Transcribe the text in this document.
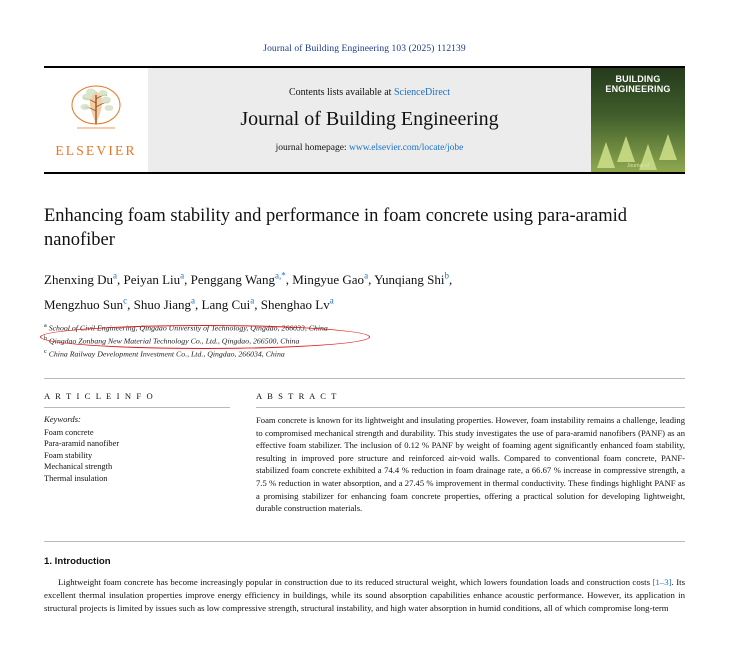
Journal of Building Engineering 103 (2025) 112139
ELSEVIER
Contents lists available at ScienceDirect
Journal of Building Engineering
journal homepage: www.elsevier.com/locate/jobe
BUILDING
ENGINEERING
Journal of
Enhancing foam stability and performance in foam concrete using para-aramid nanofiber
Zhenxing Du$^a$, Peiyan Liu$^a$, Penggang Wang$^{a,*}$, Mingyue Gao$^a$, Yunqiang Shi$^b$,
Mengzhuo Sun$^c$, Shuo Jiang$^a$, Lang Cui$^a$, Shenghao Lv$^a$
$^a$ School of Civil Engineering, Qingdao University of Technology, Qingdao, 266033, China
$^b$ Qingdao Zonbang New Material Technology Co., Ltd., Qingdao, 266500, China
$^c$ China Railway Development Investment Co., Ltd., Qingdao, 266034, China
A R T I C L E I N F O
Keywords:
Foam concrete
Para-aramid nanofiber
Foam stability
Mechanical strength
Thermal insulation
A B S T R A C T
Foam concrete is known for its lightweight and insulating properties. However, foam instability remains a challenge, leading to compromised mechanical strength and durability. This study investigates the use of para-aramid nanofibers (PANF) as an effective foam stabilizer. The inclusion of 0.12 % PANF by weight of foaming agent significantly enhanced foam stability, resulting in improved pore structure and reinforced air-void walls. Compared to conventional foam concrete, PANF-stabilized foam concrete exhibited a 74.4 % reduction in foam drainage rate, a 66.67 % increase in compressive strength, a 7.5 % reduction in water absorption, and a 27.45 % improvement in thermal conductivity. These findings highlight PANF as a promising stabilizer for enhancing foam concrete properties, offering a practical solution for developing lightweight, durable construction materials.
1. Introduction
Lightweight foam concrete has become increasingly popular in construction due to its reduced structural weight, which lowers foundation loads and construction costs [1–3]. Its excellent thermal insulation properties improve energy efficiency in buildings, while its sound absorption capabilities enhance acoustic performance. However, its application in structural projects is limited by issues such as low compressive strength, structural instability, and high water absorption in humid conditions, all of which compromise long-term
